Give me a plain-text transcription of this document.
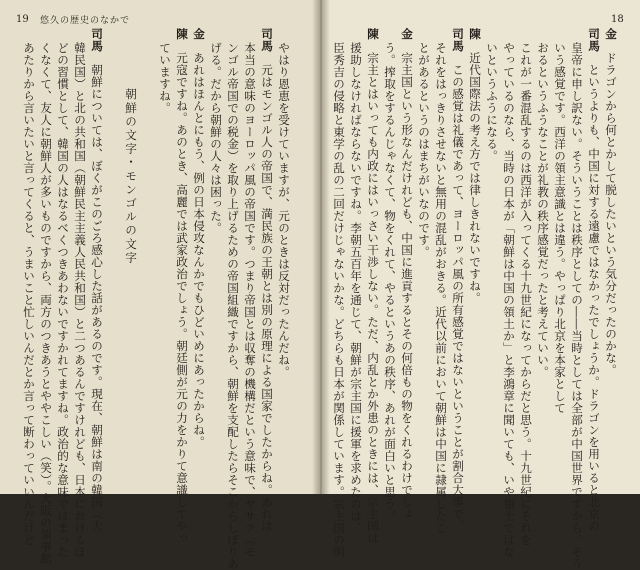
19 悠久の歴史のなかで
やはり恩恵を受けていますが、元のときは反対だったんだね。
司馬　元はモンゴル人の帝国で、満民族の王朝とは別の原理による国家でしたからね。あれは
本当の意味のヨーロッパ風の帝国です。つまり帝国とは収奪の機構だという意味で、ヤサク（モ
ンゴル帝国での税金）を取り上げるための帝国組織ですから、朝鮮を支配したらそこからしぼりあ
げる。だから朝鮮の人々は困った。
金　あれはほんとにもう、例の日本侵攻なんかでもひどいめにあったからね。
陳　元寇ですね。あのとき、高麗では武家政治でしょう。朝廷側が元の力をかりて意識してやっ
ていますね。

朝鮮の文字・モンゴルの文字

司馬　朝鮮については、ぼくがこのごろ感心した話があるのです。現在、朝鮮は南の韓国（大
韓民国）と北の共和国（朝鮮民主主義人民共和国）と二つあるんですけれども、日本におけるほ
どの習慣として、韓国の人はなるべくつきあわないですかれてますね。政治的な意味ではまった
くなくて、友人に朝鮮人が多いものですから、両方のつきあうとややこしい（笑）。大阪の領事館
あたりから言いたいと言ってくると、うまいこと忙しいんだとか言って断わっていいんだけど
18
金　ドラゴンから何とかして脱したいという気分だったのかな。
司馬　というよりも、中国に対する遠慮ではなかったでしょうか。ドラゴンを用いると北京の
皇帝に申し訳ない。そういうことは秩序としての――当時としては全部が中国世界ですから、そう
いう感覚です。西洋の領主意識とは違う。やっぱり北京を本家として
おるというふうなことが礼教の秩序感覚だったと考えていい。
これが一番混乱するのは西洋が入ってくる十九世紀になってからだと思う。十九世紀にそれを
やっているのなら、当時の日本が「朝鮮は中国の領土か」と李鴻章に聞いても、いや領土ではな
いというふうになる。
陳　近代国際法の考え方では律しきれないですね。
司馬　この感覚は礼儀であって、ヨーロッパ風の所有感覚ではないということが割合大事で、
それをはっきりさせないと無用の混乱がおきる。近代以前において朝鮮は中国に隷属したこ
とがあるというのはまちがいなのです。
金　宗主国という形なんだけれども、中国に進貢するとその何倍もの物をくれるわけでしょ
う。搾取をするんじゃなくて、物をくれて、やるというあの秩序、あれが面白いと思う。
陳　宗主とはいっても内政にはいっさい干渉しない。ただ、内乱とか外患のときには、宗主国は
援助しなければならないですね。李朝五百年を通じて、朝鮮が宗主国に援軍を求めたのは、
臣秀吉の侵略と東学の乱の二回だけじゃないかな。どちらも日本が関係しています。宗主国の明
